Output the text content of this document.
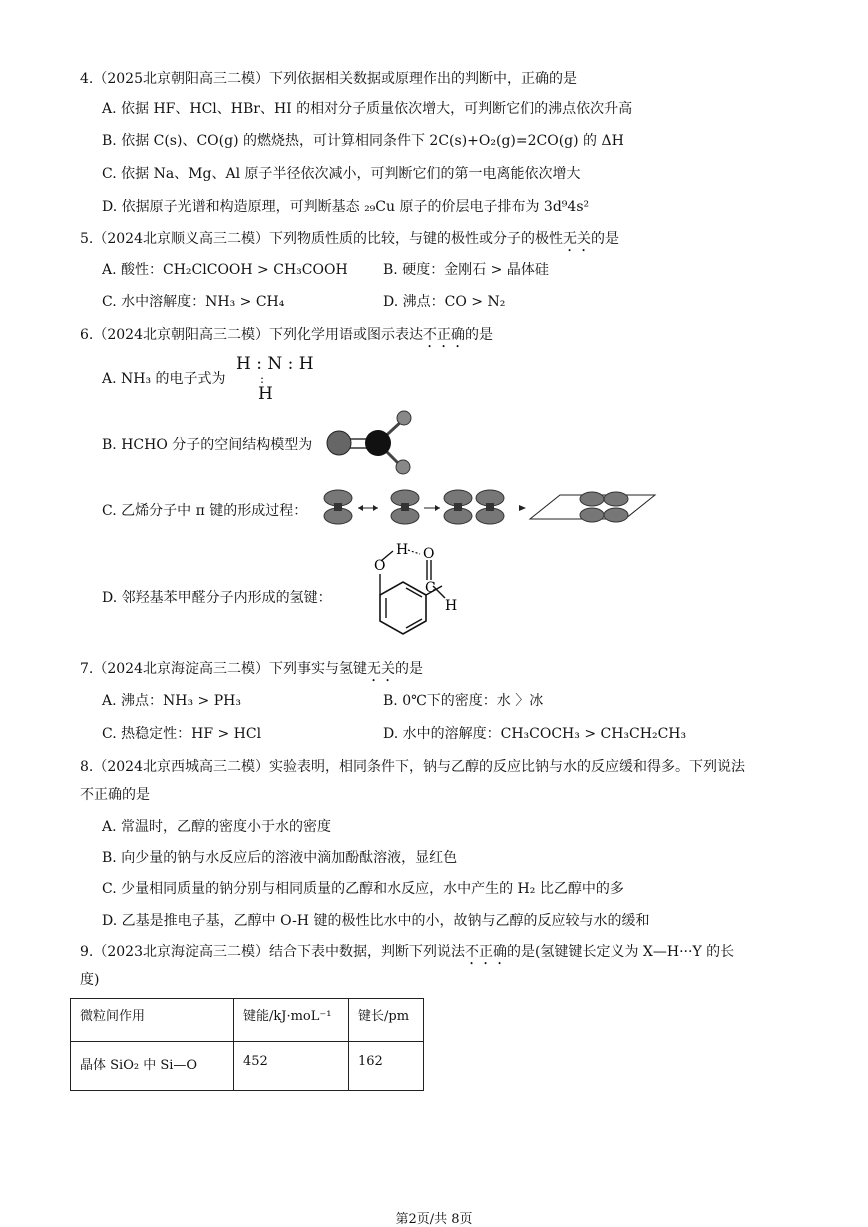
4.（2025北京朝阳高三二模）下列依据相关数据或原理作出的判断中，正确的是
A. 依据 HF、HCl、HBr、HI 的相对分子质量依次增大，可判断它们的沸点依次升高
B. 依据 C(s)、CO(g) 的燃烧热，可计算相同条件下 2C(s)+O₂(g)=2CO(g) 的 ΔH
C. 依据 Na、Mg、Al 原子半径依次减小，可判断它们的第一电离能依次增大
D. 依据原子光谱和构造原理，可判断基态 ₂₉Cu 原子的价层电子排布为 3d⁹4s²
5.（2024北京顺义高三二模）下列物质性质的比较，与键的极性或分子的极性无关的是
A. 酸性：CH₂ClCOOH > CH₃COOH	B. 硬度：金刚石 > 晶体硅
C. 水中溶解度：NH₃ > CH₄	D. 沸点：CO > N₂
6.（2024北京朝阳高三二模）下列化学用语或图示表达不正确的是
A. NH₃ 的电子式为
H : N : H
:
H
B. HCHO 分子的空间结构模型为
C. 乙烯分子中 π 键的形成过程：
D. 邻羟基苯甲醛分子内形成的氢键：
O
H O
C
H
7.（2024北京海淀高三二模）下列事实与氢键无关的是
A. 沸点：NH₃ > PH₃	B. 0℃下的密度：水 〉冰
C. 热稳定性：HF > HCl	D. 水中的溶解度：CH₃COCH₃ > CH₃CH₂CH₃
8.（2024北京西城高三二模）实验表明，相同条件下，钠与乙醇的反应比钠与水的反应缓和得多。下列说法
不正确的是
A. 常温时，乙醇的密度小于水的密度
B. 向少量的钠与水反应后的溶液中滴加酚酞溶液，显红色
C. 少量相同质量的钠分别与相同质量的乙醇和水反应，水中产生的 H₂ 比乙醇中的多
D. 乙基是推电子基，乙醇中 O-H 键的极性比水中的小，故钠与乙醇的反应较与水的缓和
9.（2023北京海淀高三二模）结合下表中数据，判断下列说法不正确的是(氢键键长定义为 X—H···Y 的长
度)
微粒间作用	键能/kJ·moL⁻¹	键长/pm
晶体 SiO₂ 中 Si—O	452	162
第2页/共 8页
